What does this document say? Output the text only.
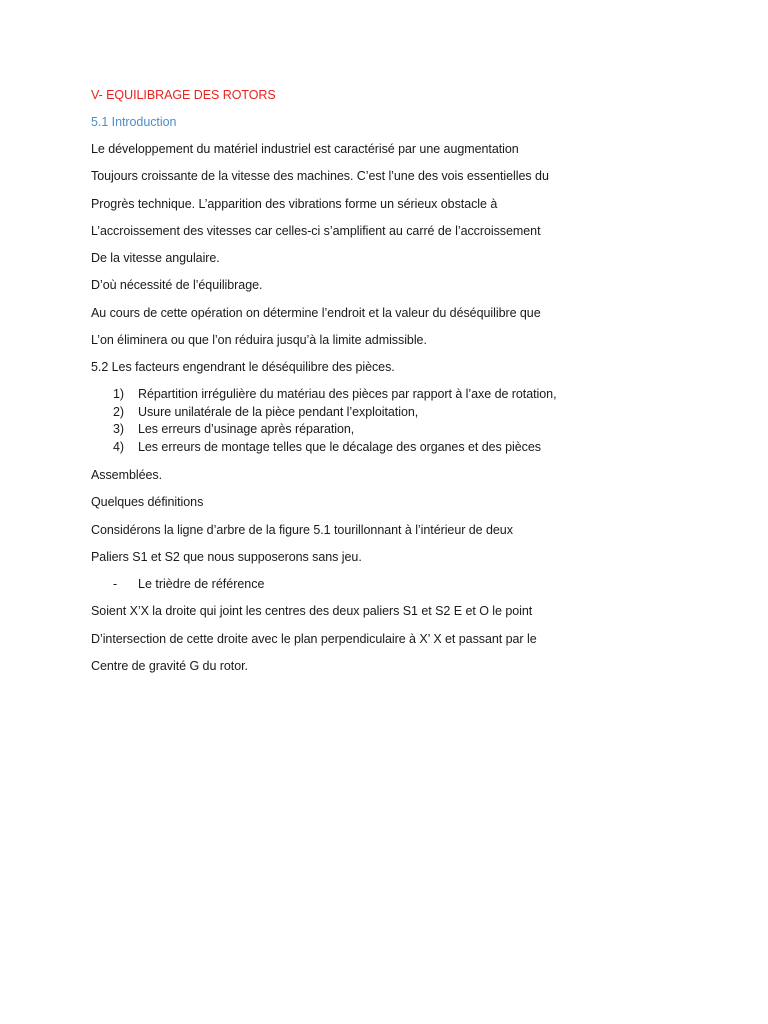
V- EQUILIBRAGE DES ROTORS
5.1 Introduction
Le développement du matériel industriel est caractérisé par une augmentation
Toujours croissante de la vitesse des machines. C’est l’une des vois essentielles du
Progrès technique. L’apparition des vibrations forme un sérieux obstacle à
L’accroissement des vitesses car celles-ci s’amplifient au carré de l’accroissement
De la vitesse angulaire.
D’où nécessité de l’équilibrage.
Au cours de cette opération on détermine l’endroit et la valeur du déséquilibre que
L’on éliminera ou que l’on réduira jusqu’à la limite admissible.
5.2 Les facteurs engendrant le déséquilibre des pièces.
1) Répartition irrégulière du matériau des pièces par rapport à l’axe de rotation,
2) Usure unilatérale de la pièce pendant l’exploitation,
3) Les erreurs d’usinage après réparation,
4) Les erreurs de montage telles que le décalage des organes et des pièces
Assemblées.
Quelques définitions
Considérons la ligne d’arbre de la figure 5.1 tourillonnant à l’intérieur de deux
Paliers S1 et S2 que nous supposerons sans jeu.
- Le trièdre de référence
Soient X’X la droite qui joint les centres des deux paliers S1 et S2 E et O le point
D’intersection de cette droite avec le plan perpendiculaire à X’ X et passant par le
Centre de gravité G du rotor.
